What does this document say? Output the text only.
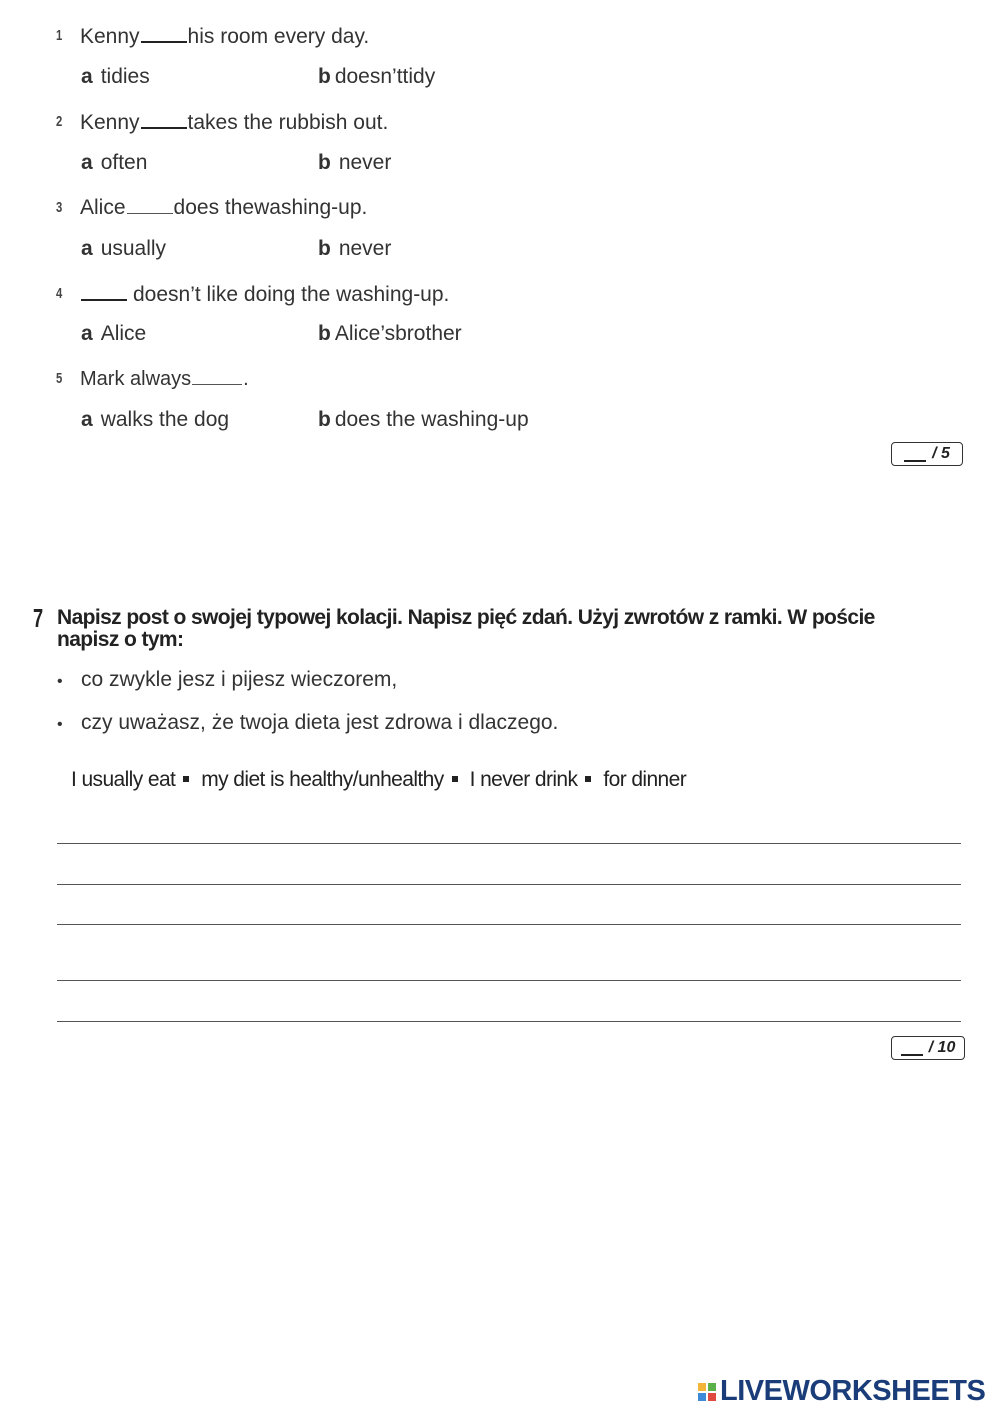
1 Kenny his room every day.
a tidies	b doesn’ttidy
2 Kenny takes the rubbish out.
a often	b never
3 Alice does thewashing-up.
a usually	b never
4	doesn’t like doing the washing-up.
a Alice	b Alice’sbrother
5 Mark always	.
a walks the dog	b does the washing-up
/ 5
7 Napisz post o swojej typowej kolacji. Napisz pięć zdań. Użyj zwrotów z ramki. W poście
napisz o tym:
• co zwykle jesz i pijesz wieczorem,
• czy uważasz, że twoja dieta jest zdrowa i dlaczego.
I usually eat my diet is healthy/unhealthy I never drink for dinner
/ 10
LIVEWORKSHEETS
